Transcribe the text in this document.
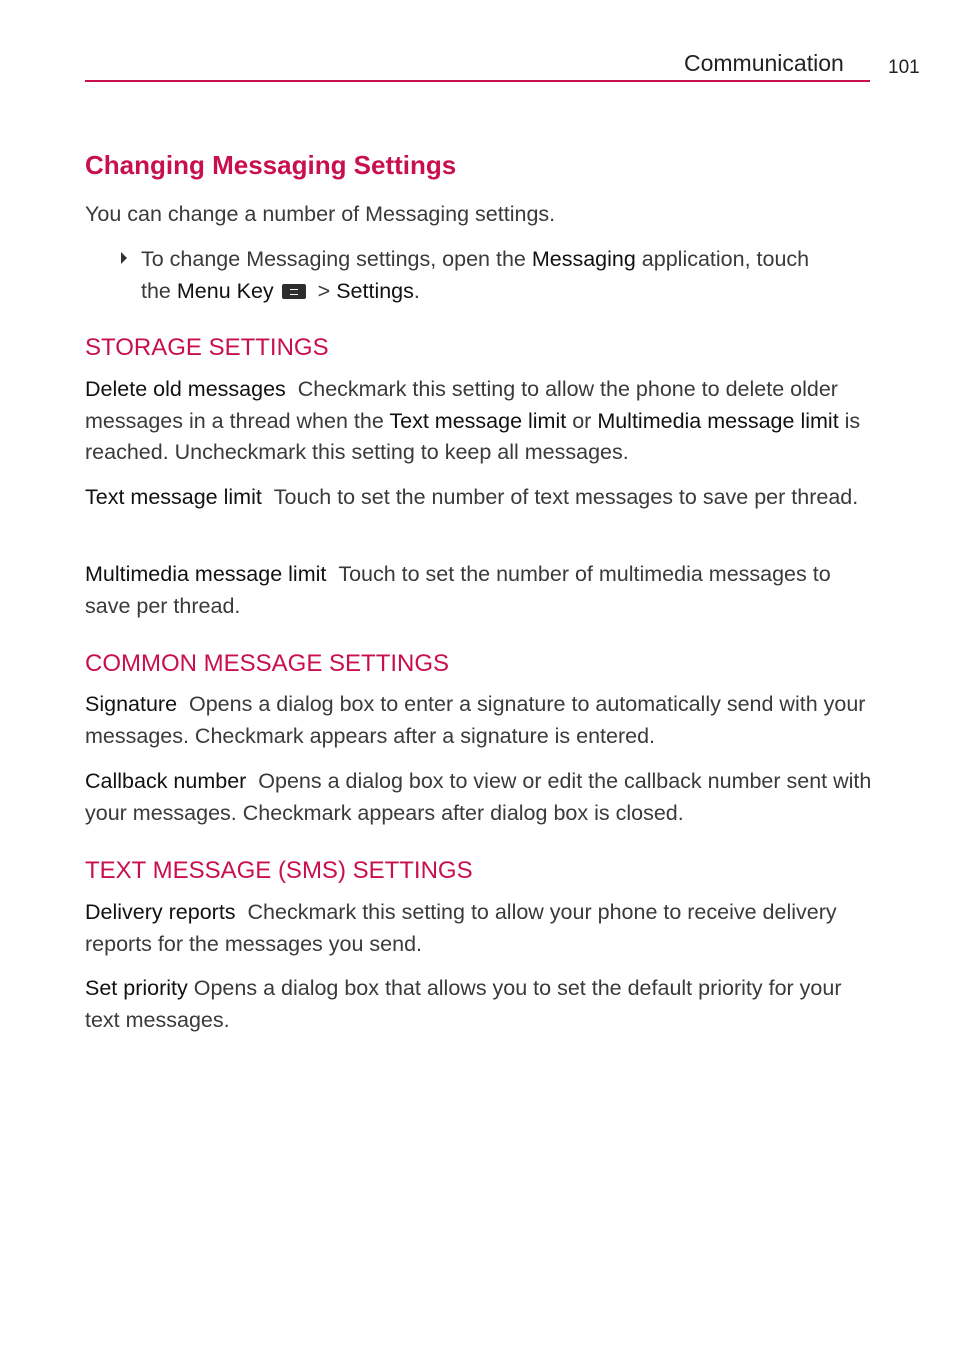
Communication 101
Changing Messaging Settings

You can change a number of Messaging settings.

To change Messaging settings, open the Messaging application, touch the Menu Key > Settings.

STORAGE SETTINGS

Delete old messages Checkmark this setting to allow the phone to delete older messages in a thread when the Text message limit or Multimedia message limit is reached. Uncheckmark this setting to keep all messages.

Text message limit Touch to set the number of text messages to save per thread.

Multimedia message limit Touch to set the number of multimedia messages to save per thread.

COMMON MESSAGE SETTINGS

Signature Opens a dialog box to enter a signature to automatically send with your messages. Checkmark appears after a signature is entered.

Callback number Opens a dialog box to view or edit the callback number sent with your messages. Checkmark appears after dialog box is closed.

TEXT MESSAGE (SMS) SETTINGS

Delivery reports Checkmark this setting to allow your phone to receive delivery reports for the messages you send.

Set priority Opens a dialog box that allows you to set the default priority for your text messages.
